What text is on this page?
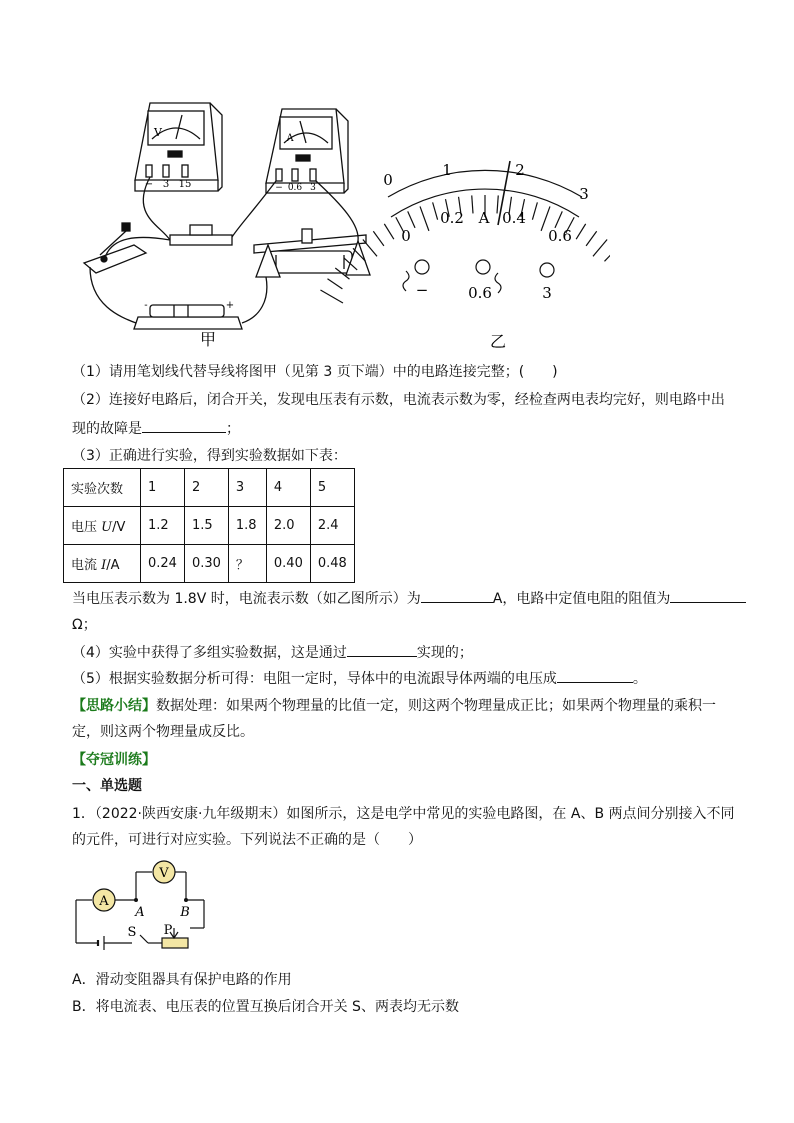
V	A
− 3 15	− 0.6 3
-	+
甲
0
1	2
3
0
0.2 A 0.4
0.6
−	0.6	3
乙
（1）请用笔划线代替导线将图甲（见第 3 页下端）中的电路连接完整；(　　)
（2）连接好电路后，闭合开关，发现电压表有示数，电流表示数为零，经检查两电表均完好，则电路中出
现的故障是	；
（3）正确进行实验，得到实验数据如下表：
实验次数	1	2	3	4	5
电压 U/V	1.2	1.5	1.8	2.0	2.4
电流 I/A	0.24	0.30	？	0.40	0.48
当电压表示数为 1.8V 时，电流表示数（如乙图所示）为	A，电路中定值电阻的阻值为
Ω；
（4）实验中获得了多组实验数据，这是通过	实现的；
（5）根据实验数据分析可得：电阻一定时，导体中的电流跟导体两端的电压成	。
【思路小结】数据处理：如果两个物理量的比值一定，则这两个物理量成正比；如果两个物理量的乘积一
定，则这两个物理量成反比。
【夺冠训练】
一、单选题
1．（2022·陕西安康·九年级期末）如图所示，这是电学中常见的实验电路图，在 A、B 两点间分别接入不同
的元件，可进行对应实验。下列说法不正确的是（　　）
A
V
A	B
S P
A．滑动变阻器具有保护电路的作用
B．将电流表、电压表的位置互换后闭合开关 S、两表均无示数
